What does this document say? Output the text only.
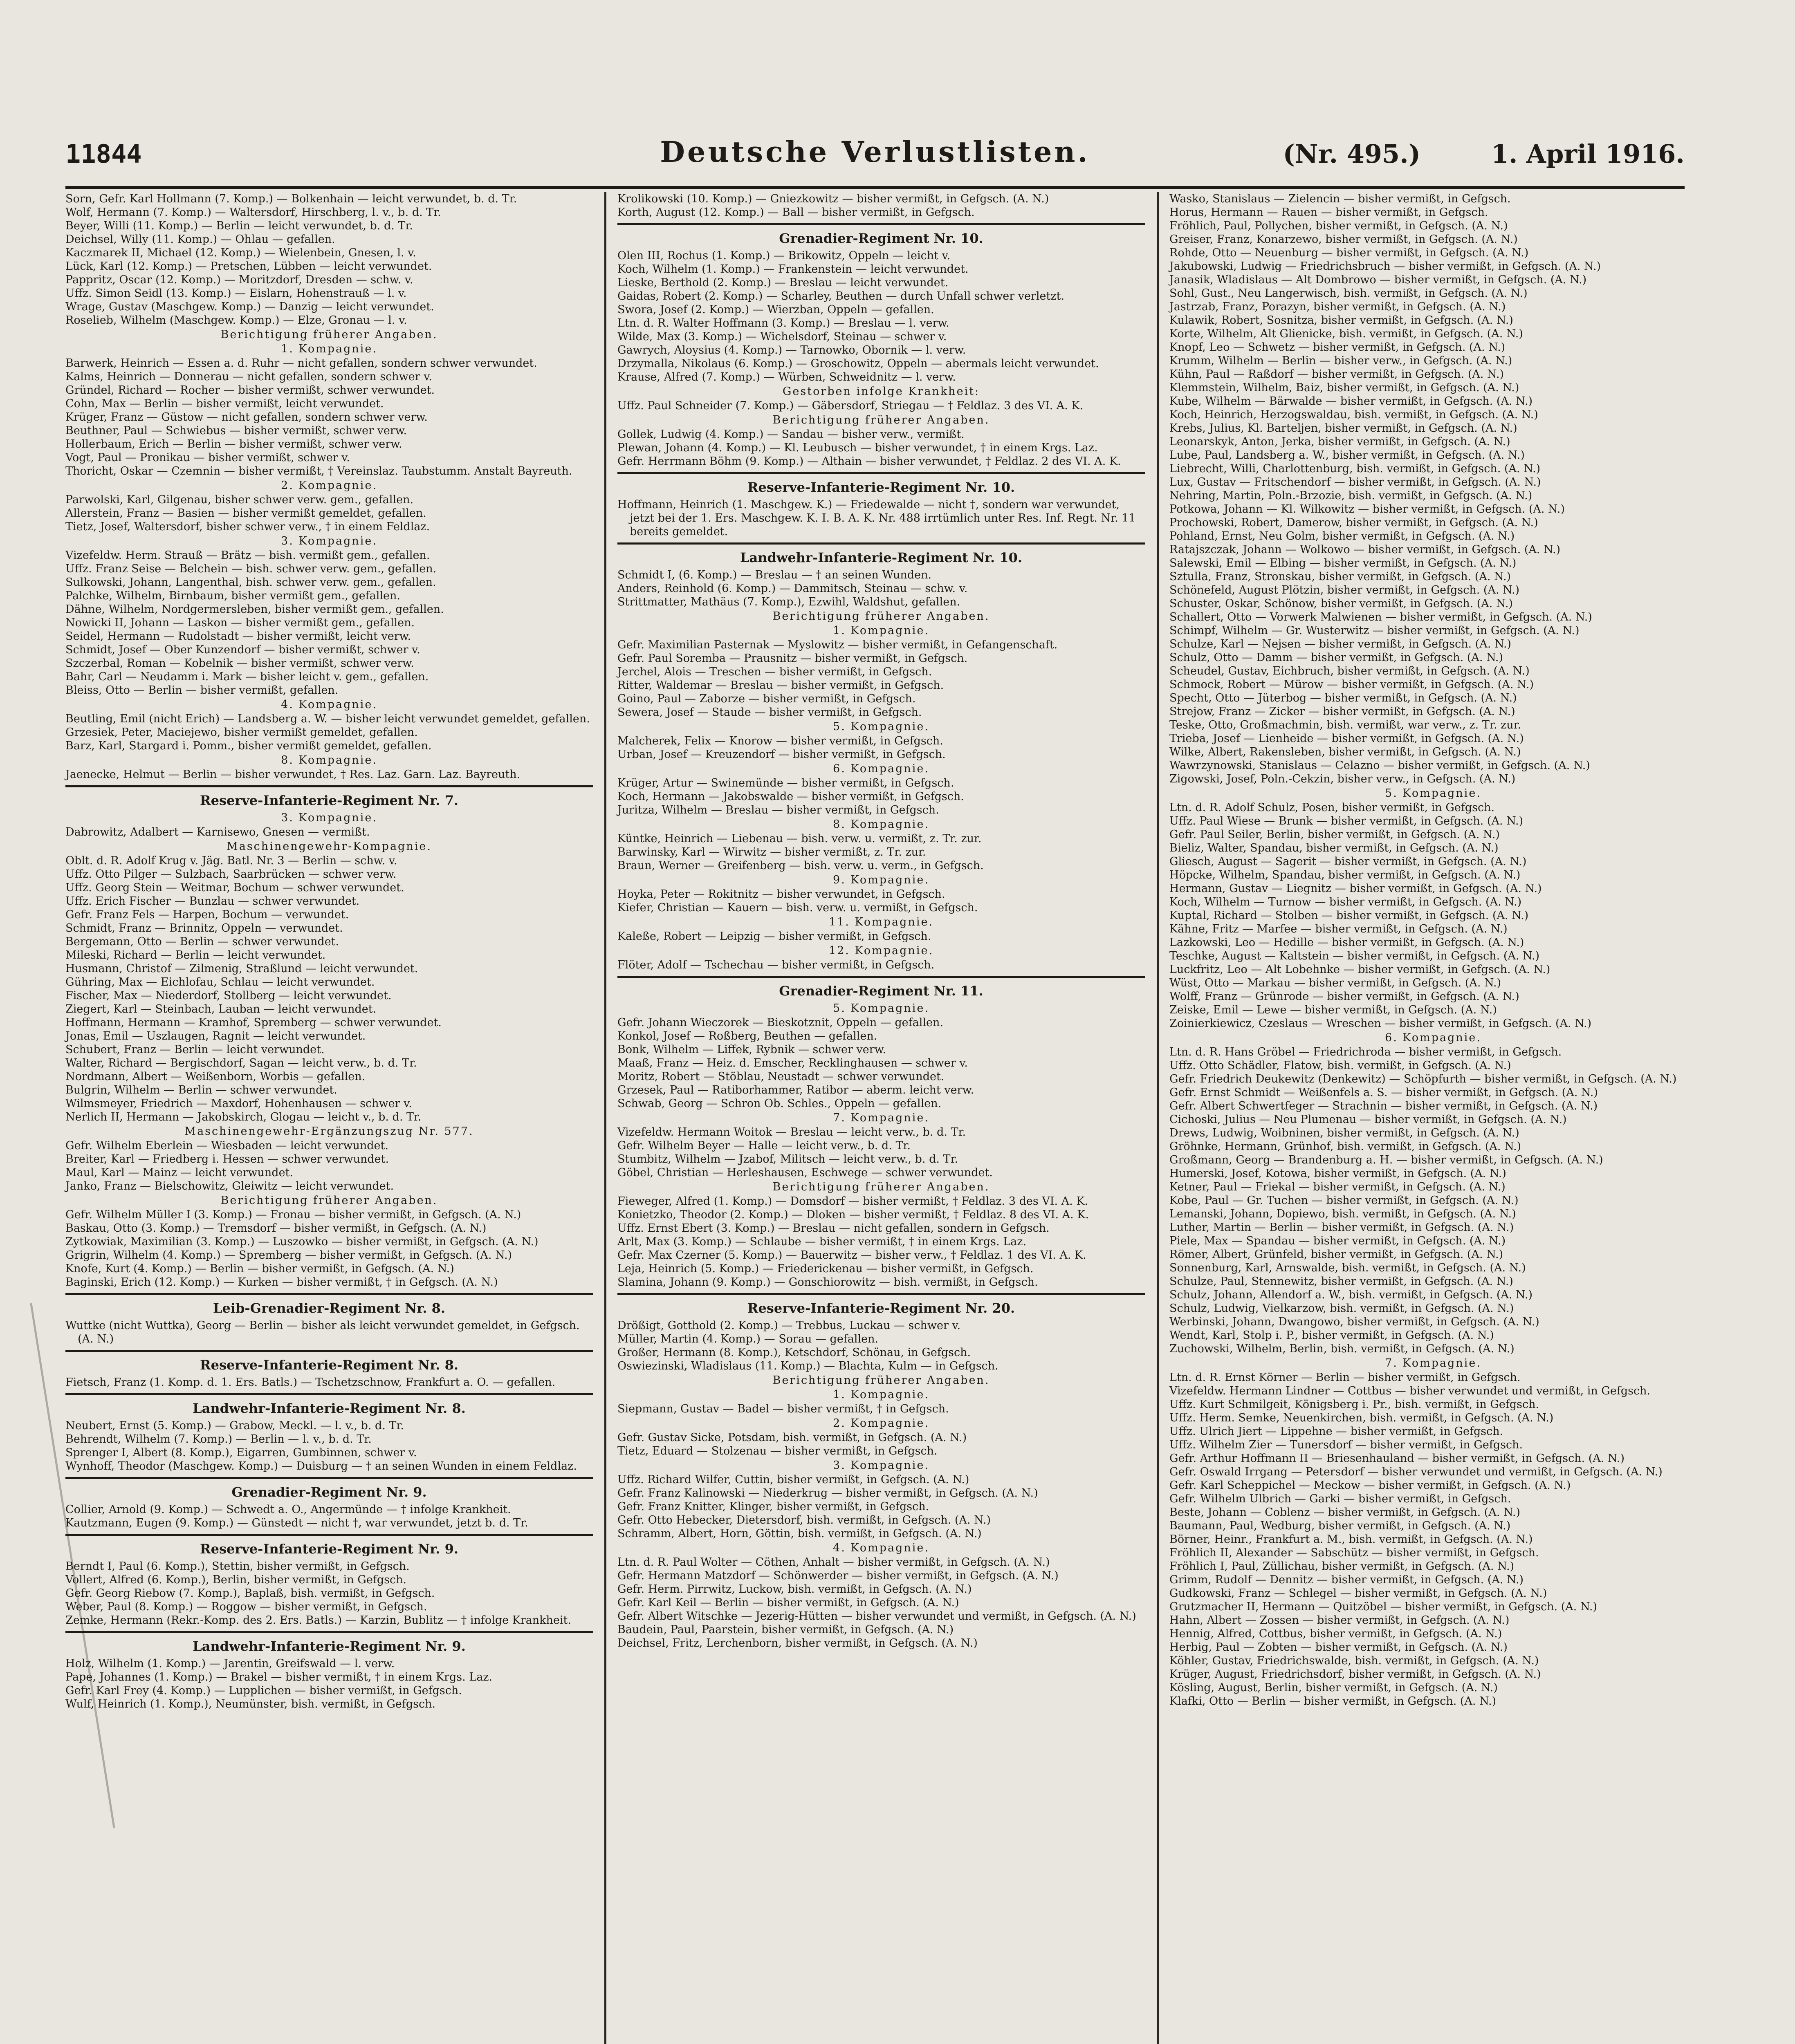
11844	Deutsche Verlustlisten.	(Nr. 495.)	1. April 1916.
Sorn, Gefr. Karl Hollmann (7. Komp.) — Bolkenhain — leicht verwundet, b. d. Tr.
Wolf, Hermann (7. Komp.) — Waltersdorf, Hirschberg, l. v., b. d. Tr.
Beyer, Willi (11. Komp.) — Berlin — leicht verwundet, b. d. Tr.
Deichsel, Willy (11. Komp.) — Ohlau — gefallen.
Kaczmarek II, Michael (12. Komp.) — Wielenbein, Gnesen, l. v.
Lück, Karl (12. Komp.) — Pretschen, Lübben — leicht verwundet.
Pappritz, Oscar (12. Komp.) — Moritzdorf, Dresden — schw. v.
Uffz. Simon Seidl (13. Komp.) — Eislarn, Hohenstrauß — l. v.
Wrage, Gustav (Maschgew. Komp.) — Danzig — leicht verwundet.
Roselieb, Wilhelm (Maschgew. Komp.) — Elze, Gronau — l. v.
Berichtigung früherer Angaben.
1. Kompagnie.
Barwerk, Heinrich — Essen a. d. Ruhr — nicht gefallen, sondern schwer verwundet.
Kalms, Heinrich — Donnerau — nicht gefallen, sondern schwer v.
Gründel, Richard — Rocher — bisher vermißt, schwer verwundet.
Cohn, Max — Berlin — bisher vermißt, leicht verwundet.
Krüger, Franz — Güstow — nicht gefallen, sondern schwer verw.
Beuthner, Paul — Schwiebus — bisher vermißt, schwer verw.
Hollerbaum, Erich — Berlin — bisher vermißt, schwer verw.
Vogt, Paul — Pronikau — bisher vermißt, schwer v.
Thoricht, Oskar — Czemnin — bisher vermißt, † Vereinslaz. Taubstumm. Anstalt Bayreuth.
2. Kompagnie.
Parwolski, Karl, Gilgenau, bisher schwer verw. gem., gefallen.
Allerstein, Franz — Basien — bisher vermißt gemeldet, gefallen.
Tietz, Josef, Waltersdorf, bisher schwer verw., † in einem Feldlaz.
3. Kompagnie.
Vizefeldw. Herm. Strauß — Brätz — bish. vermißt gem., gefallen.
Uffz. Franz Seise — Belchein — bish. schwer verw. gem., gefallen.
Sulkowski, Johann, Langenthal, bish. schwer verw. gem., gefallen.
Palchke, Wilhelm, Birnbaum, bisher vermißt gem., gefallen.
Dähne, Wilhelm, Nordgermersleben, bisher vermißt gem., gefallen.
Nowicki II, Johann — Laskon — bisher vermißt gem., gefallen.
Seidel, Hermann — Rudolstadt — bisher vermißt, leicht verw.
Schmidt, Josef — Ober Kunzendorf — bisher vermißt, schwer v.
Szczerbal, Roman — Kobelnik — bisher vermißt, schwer verw.
Bahr, Carl — Neudamm i. Mark — bisher leicht v. gem., gefallen.
Bleiss, Otto — Berlin — bisher vermißt, gefallen.
4. Kompagnie.
Beutling, Emil (nicht Erich) — Landsberg a. W. — bisher leicht verwundet gemeldet, gefallen.
Grzesiek, Peter, Maciejewo, bisher vermißt gemeldet, gefallen.
Barz, Karl, Stargard i. Pomm., bisher vermißt gemeldet, gefallen.
8. Kompagnie.
Jaenecke, Helmut — Berlin — bisher verwundet, † Res. Laz. Garn. Laz. Bayreuth.
Reserve-Infanterie-Regiment Nr. 7.
3. Kompagnie.
Dabrowitz, Adalbert — Karnisewo, Gnesen — vermißt.
Maschinengewehr-Kompagnie.
Oblt. d. R. Adolf Krug v. Jäg. Batl. Nr. 3 — Berlin — schw. v.
Uffz. Otto Pilger — Sulzbach, Saarbrücken — schwer verw.
Uffz. Georg Stein — Weitmar, Bochum — schwer verwundet.
Uffz. Erich Fischer — Bunzlau — schwer verwundet.
Gefr. Franz Fels — Harpen, Bochum — verwundet.
Schmidt, Franz — Brinnitz, Oppeln — verwundet.
Bergemann, Otto — Berlin — schwer verwundet.
Mileski, Richard — Berlin — leicht verwundet.
Husmann, Christof — Zilmenig, Straßlund — leicht verwundet.
Gühring, Max — Eichlofau, Schlau — leicht verwundet.
Fischer, Max — Niederdorf, Stollberg — leicht verwundet.
Ziegert, Karl — Steinbach, Lauban — leicht verwundet.
Hoffmann, Hermann — Kramhof, Spremberg — schwer verwundet.
Jonas, Emil — Uszlaugen, Ragnit — leicht verwundet.
Schubert, Franz — Berlin — leicht verwundet.
Walter, Richard — Bergischdorf, Sagan — leicht verw., b. d. Tr.
Nordmann, Albert — Weißenborn, Worbis — gefallen.
Bulgrin, Wilhelm — Berlin — schwer verwundet.
Wilmsmeyer, Friedrich — Maxdorf, Hohenhausen — schwer v.
Nerlich II, Hermann — Jakobskirch, Glogau — leicht v., b. d. Tr.
Maschinengewehr-Ergänzungszug Nr. 577.
Gefr. Wilhelm Eberlein — Wiesbaden — leicht verwundet.
Breiter, Karl — Friedberg i. Hessen — schwer verwundet.
Maul, Karl — Mainz — leicht verwundet.
Janko, Franz — Bielschowitz, Gleiwitz — leicht verwundet.
Berichtigung früherer Angaben.
Gefr. Wilhelm Müller I (3. Komp.) — Fronau — bisher vermißt, in Gefgsch. (A. N.)
Baskau, Otto (3. Komp.) — Tremsdorf — bisher vermißt, in Gefgsch. (A. N.)
Zytkowiak, Maximilian (3. Komp.) — Luszowko — bisher vermißt, in Gefgsch. (A. N.)
Grigrin, Wilhelm (4. Komp.) — Spremberg — bisher vermißt, in Gefgsch. (A. N.)
Knofe, Kurt (4. Komp.) — Berlin — bisher vermißt, in Gefgsch. (A. N.)
Baginski, Erich (12. Komp.) — Kurken — bisher vermißt, † in Gefgsch. (A. N.)
Leib-Grenadier-Regiment Nr. 8.
Wuttke (nicht Wuttka), Georg — Berlin — bisher als leicht verwundet gemeldet, in Gefgsch. (A. N.)
Reserve-Infanterie-Regiment Nr. 8.
Fietsch, Franz (1. Komp. d. 1. Ers. Batls.) — Tschetzschnow, Frankfurt a. O. — gefallen.
Landwehr-Infanterie-Regiment Nr. 8.
Neubert, Ernst (5. Komp.) — Grabow, Meckl. — l. v., b. d. Tr.
Behrendt, Wilhelm (7. Komp.) — Berlin — l. v., b. d. Tr.
Sprenger I, Albert (8. Komp.), Eigarren, Gumbinnen, schwer v.
Wynhoff, Theodor (Maschgew. Komp.) — Duisburg — † an seinen Wunden in einem Feldlaz.
Grenadier-Regiment Nr. 9.
Collier, Arnold (9. Komp.) — Schwedt a. O., Angermünde — † infolge Krankheit.
Kautzmann, Eugen (9. Komp.) — Günstedt — nicht †, war verwundet, jetzt b. d. Tr.
Reserve-Infanterie-Regiment Nr. 9.
Berndt I, Paul (6. Komp.), Stettin, bisher vermißt, in Gefgsch.
Vollert, Alfred (6. Komp.), Berlin, bisher vermißt, in Gefgsch.
Gefr. Georg Riebow (7. Komp.), Baplaß, bish. vermißt, in Gefgsch.
Weber, Paul (8. Komp.) — Roggow — bisher vermißt, in Gefgsch.
Zemke, Hermann (Rekr.-Komp. des 2. Ers. Batls.) — Karzin, Bublitz — † infolge Krankheit.
Landwehr-Infanterie-Regiment Nr. 9.
Holz, Wilhelm (1. Komp.) — Jarentin, Greifswald — l. verw.
Pape, Johannes (1. Komp.) — Brakel — bisher vermißt, † in einem Krgs. Laz.
Gefr. Karl Frey (4. Komp.) — Lupplichen — bisher vermißt, in Gefgsch.
Wulf, Heinrich (1. Komp.), Neumünster, bish. vermißt, in Gefgsch.
Krolikowski (10. Komp.) — Gniezkowitz — bisher vermißt, in Gefgsch. (A. N.)
Korth, August (12. Komp.) — Ball — bisher vermißt, in Gefgsch.
Grenadier-Regiment Nr. 10.
Olen III, Rochus (1. Komp.) — Brikowitz, Oppeln — leicht v.
Koch, Wilhelm (1. Komp.) — Frankenstein — leicht verwundet.
Lieske, Berthold (2. Komp.) — Breslau — leicht verwundet.
Gaidas, Robert (2. Komp.) — Scharley, Beuthen — durch Unfall schwer verletzt.
Swora, Josef (2. Komp.) — Wierzban, Oppeln — gefallen.
Ltn. d. R. Walter Hoffmann (3. Komp.) — Breslau — l. verw.
Wilde, Max (3. Komp.) — Wichelsdorf, Steinau — schwer v.
Gawrych, Aloysius (4. Komp.) — Tarnowko, Obornik — l. verw.
Drzymalla, Nikolaus (6. Komp.) — Groschowitz, Oppeln — abermals leicht verwundet.
Krause, Alfred (7. Komp.) — Würben, Schweidnitz — l. verw.
Gestorben infolge Krankheit:
Uffz. Paul Schneider (7. Komp.) — Gäbersdorf, Striegau — † Feldlaz. 3 des VI. A. K.
Berichtigung früherer Angaben.
Gollek, Ludwig (4. Komp.) — Sandau — bisher verw., vermißt.
Plewan, Johann (4. Komp.) — Kl. Leubusch — bisher verwundet, † in einem Krgs. Laz.
Gefr. Herrmann Böhm (9. Komp.) — Althain — bisher verwundet, † Feldlaz. 2 des VI. A. K.
Reserve-Infanterie-Regiment Nr. 10.
Hoffmann, Heinrich (1. Maschgew. K.) — Friedewalde — nicht †, sondern war verwundet, jetzt bei der 1. Ers. Maschgew. K. I. B. A. K. Nr. 488 irrtümlich unter Res. Inf. Regt. Nr. 11 bereits gemeldet.
Landwehr-Infanterie-Regiment Nr. 10.
Schmidt I, (6. Komp.) — Breslau — † an seinen Wunden.
Anders, Reinhold (6. Komp.) — Dammitsch, Steinau — schw. v.
Strittmatter, Mathäus (7. Komp.), Ezwihl, Waldshut, gefallen.
Berichtigung früherer Angaben.
1. Kompagnie.
Gefr. Maximilian Pasternak — Myslowitz — bisher vermißt, in Gefangenschaft.
Gefr. Paul Soremba — Prausnitz — bisher vermißt, in Gefgsch.
Jerchel, Alois — Treschen — bisher vermißt, in Gefgsch.
Ritter, Waldemar — Breslau — bisher vermißt, in Gefgsch.
Goino, Paul — Zaborze — bisher vermißt, in Gefgsch.
Sewera, Josef — Staude — bisher vermißt, in Gefgsch.
5. Kompagnie.
Malcherek, Felix — Knorow — bisher vermißt, in Gefgsch.
Urban, Josef — Kreuzendorf — bisher vermißt, in Gefgsch.
6. Kompagnie.
Krüger, Artur — Swinemünde — bisher vermißt, in Gefgsch.
Koch, Hermann — Jakobswalde — bisher vermißt, in Gefgsch.
Juritza, Wilhelm — Breslau — bisher vermißt, in Gefgsch.
8. Kompagnie.
Küntke, Heinrich — Liebenau — bish. verw. u. vermißt, z. Tr. zur.
Barwinsky, Karl — Wirwitz — bisher vermißt, z. Tr. zur.
Braun, Werner — Greifenberg — bish. verw. u. verm., in Gefgsch.
9. Kompagnie.
Hoyka, Peter — Rokitnitz — bisher verwundet, in Gefgsch.
Kiefer, Christian — Kauern — bish. verw. u. vermißt, in Gefgsch.
11. Kompagnie.
Kaleße, Robert — Leipzig — bisher vermißt, in Gefgsch.
12. Kompagnie.
Flöter, Adolf — Tschechau — bisher vermißt, in Gefgsch.
Grenadier-Regiment Nr. 11.
5. Kompagnie.
Gefr. Johann Wieczorek — Bieskotznit, Oppeln — gefallen.
Konkol, Josef — Roßberg, Beuthen — gefallen.
Bonk, Wilhelm — Liffek, Rybnik — schwer verw.
Maaß, Franz — Heiz. d. Emscher, Recklinghausen — schwer v.
Moritz, Robert — Stöblau, Neustadt — schwer verwundet.
Grzesek, Paul — Ratiborhammer, Ratibor — aberm. leicht verw.
Schwab, Georg — Schron Ob. Schles., Oppeln — gefallen.
7. Kompagnie.
Vizefeldw. Hermann Woitok — Breslau — leicht verw., b. d. Tr.
Gefr. Wilhelm Beyer — Halle — leicht verw., b. d. Tr.
Stumbitz, Wilhelm — Jzabof, Militsch — leicht verw., b. d. Tr.
Göbel, Christian — Herleshausen, Eschwege — schwer verwundet.
Berichtigung früherer Angaben.
Fieweger, Alfred (1. Komp.) — Domsdorf — bisher vermißt, † Feldlaz. 3 des VI. A. K.
Konietzko, Theodor (2. Komp.) — Dloken — bisher vermißt, † Feldlaz. 8 des VI. A. K.
Uffz. Ernst Ebert (3. Komp.) — Breslau — nicht gefallen, sondern in Gefgsch.
Arlt, Max (3. Komp.) — Schlaube — bisher vermißt, † in einem Krgs. Laz.
Gefr. Max Czerner (5. Komp.) — Bauerwitz — bisher verw., † Feldlaz. 1 des VI. A. K.
Leja, Heinrich (5. Komp.) — Friederickenau — bisher vermißt, in Gefgsch.
Slamina, Johann (9. Komp.) — Gonschiorowitz — bish. vermißt, in Gefgsch.
Reserve-Infanterie-Regiment Nr. 20.
Drößigt, Gotthold (2. Komp.) — Trebbus, Luckau — schwer v.
Müller, Martin (4. Komp.) — Sorau — gefallen.
Großer, Hermann (8. Komp.), Ketschdorf, Schönau, in Gefgsch.
Oswiezinski, Wladislaus (11. Komp.) — Blachta, Kulm — in Gefgsch.
Berichtigung früherer Angaben.
1. Kompagnie.
Siepmann, Gustav — Badel — bisher vermißt, † in Gefgsch.
2. Kompagnie.
Gefr. Gustav Sicke, Potsdam, bish. vermißt, in Gefgsch. (A. N.)
Tietz, Eduard — Stolzenau — bisher vermißt, in Gefgsch.
3. Kompagnie.
Uffz. Richard Wilfer, Cuttin, bisher vermißt, in Gefgsch. (A. N.)
Gefr. Franz Kalinowski — Niederkrug — bisher vermißt, in Gefgsch. (A. N.)
Gefr. Franz Knitter, Klinger, bisher vermißt, in Gefgsch.
Gefr. Otto Hebecker, Dietersdorf, bish. vermißt, in Gefgsch. (A. N.)
Schramm, Albert, Horn, Göttin, bish. vermißt, in Gefgsch. (A. N.)
4. Kompagnie.
Ltn. d. R. Paul Wolter — Cöthen, Anhalt — bisher vermißt, in Gefgsch. (A. N.)
Gefr. Hermann Matzdorf — Schönwerder — bisher vermißt, in Gefgsch. (A. N.)
Gefr. Herm. Pirrwitz, Luckow, bish. vermißt, in Gefgsch. (A. N.)
Gefr. Karl Keil — Berlin — bisher vermißt, in Gefgsch. (A. N.)
Gefr. Albert Witschke — Jezerig-Hütten — bisher verwundet und vermißt, in Gefgsch. (A. N.)
Baudein, Paul, Paarstein, bisher vermißt, in Gefgsch. (A. N.)
Deichsel, Fritz, Lerchenborn, bisher vermißt, in Gefgsch. (A. N.)
Wasko, Stanislaus — Zielencin — bisher vermißt, in Gefgsch.
Horus, Hermann — Rauen — bisher vermißt, in Gefgsch.
Fröhlich, Paul, Pollychen, bisher vermißt, in Gefgsch. (A. N.)
Greiser, Franz, Konarzewo, bisher vermißt, in Gefgsch. (A. N.)
Rohde, Otto — Neuenburg — bisher vermißt, in Gefgsch. (A. N.)
Jakubowski, Ludwig — Friedrichsbruch — bisher vermißt, in Gefgsch. (A. N.)
Janasik, Wladislaus — Alt Dombrowo — bisher vermißt, in Gefgsch. (A. N.)
Sohl, Gust., Neu Langerwisch, bish. vermißt, in Gefgsch. (A. N.)
Jastrzab, Franz, Porazyn, bisher vermißt, in Gefgsch. (A. N.)
Kulawik, Robert, Sosnitza, bisher vermißt, in Gefgsch. (A. N.)
Korte, Wilhelm, Alt Glienicke, bish. vermißt, in Gefgsch. (A. N.)
Knopf, Leo — Schwetz — bisher vermißt, in Gefgsch. (A. N.)
Krumm, Wilhelm — Berlin — bisher verw., in Gefgsch. (A. N.)
Kühn, Paul — Raßdorf — bisher vermißt, in Gefgsch. (A. N.)
Klemmstein, Wilhelm, Baiz, bisher vermißt, in Gefgsch. (A. N.)
Kube, Wilhelm — Bärwalde — bisher vermißt, in Gefgsch. (A. N.)
Koch, Heinrich, Herzogswaldau, bish. vermißt, in Gefgsch. (A. N.)
Krebs, Julius, Kl. Barteljen, bisher vermißt, in Gefgsch. (A. N.)
Leonarskyk, Anton, Jerka, bisher vermißt, in Gefgsch. (A. N.)
Lube, Paul, Landsberg a. W., bisher vermißt, in Gefgsch. (A. N.)
Liebrecht, Willi, Charlottenburg, bish. vermißt, in Gefgsch. (A. N.)
Lux, Gustav — Fritschendorf — bisher vermißt, in Gefgsch. (A. N.)
Nehring, Martin, Poln.-Brzozie, bish. vermißt, in Gefgsch. (A. N.)
Potkowa, Johann — Kl. Wilkowitz — bisher vermißt, in Gefgsch. (A. N.)
Prochowski, Robert, Damerow, bisher vermißt, in Gefgsch. (A. N.)
Pohland, Ernst, Neu Golm, bisher vermißt, in Gefgsch. (A. N.)
Ratajszczak, Johann — Wolkowo — bisher vermißt, in Gefgsch. (A. N.)
Salewski, Emil — Elbing — bisher vermißt, in Gefgsch. (A. N.)
Sztulla, Franz, Stronskau, bisher vermißt, in Gefgsch. (A. N.)
Schönefeld, August Plötzin, bisher vermißt, in Gefgsch. (A. N.)
Schuster, Oskar, Schönow, bisher vermißt, in Gefgsch. (A. N.)
Schallert, Otto — Vorwerk Malwienen — bisher vermißt, in Gefgsch. (A. N.)
Schimpf, Wilhelm — Gr. Wusterwitz — bisher vermißt, in Gefgsch. (A. N.)
Schulze, Karl — Nejsen — bisher vermißt, in Gefgsch. (A. N.)
Schulz, Otto — Damm — bisher vermißt, in Gefgsch. (A. N.)
Scheudel, Gustav, Eichbruch, bisher vermißt, in Gefgsch. (A. N.)
Schmock, Robert — Mürow — bisher vermißt, in Gefgsch. (A. N.)
Specht, Otto — Jüterbog — bisher vermißt, in Gefgsch. (A. N.)
Strejow, Franz — Zicker — bisher vermißt, in Gefgsch. (A. N.)
Teske, Otto, Großmachmin, bish. vermißt, war verw., z. Tr. zur.
Trieba, Josef — Lienheide — bisher vermißt, in Gefgsch. (A. N.)
Wilke, Albert, Rakensleben, bisher vermißt, in Gefgsch. (A. N.)
Wawrzynowski, Stanislaus — Celazno — bisher vermißt, in Gefgsch. (A. N.)
Zigowski, Josef, Poln.-Cekzin, bisher verw., in Gefgsch. (A. N.)
5. Kompagnie.
Ltn. d. R. Adolf Schulz, Posen, bisher vermißt, in Gefgsch.
Uffz. Paul Wiese — Brunk — bisher vermißt, in Gefgsch. (A. N.)
Gefr. Paul Seiler, Berlin, bisher vermißt, in Gefgsch. (A. N.)
Bieliz, Walter, Spandau, bisher vermißt, in Gefgsch. (A. N.)
Gliesch, August — Sagerit — bisher vermißt, in Gefgsch. (A. N.)
Höpcke, Wilhelm, Spandau, bisher vermißt, in Gefgsch. (A. N.)
Hermann, Gustav — Liegnitz — bisher vermißt, in Gefgsch. (A. N.)
Koch, Wilhelm — Turnow — bisher vermißt, in Gefgsch. (A. N.)
Kuptal, Richard — Stolben — bisher vermißt, in Gefgsch. (A. N.)
Kähne, Fritz — Marfee — bisher vermißt, in Gefgsch. (A. N.)
Lazkowski, Leo — Hedille — bisher vermißt, in Gefgsch. (A. N.)
Teschke, August — Kaltstein — bisher vermißt, in Gefgsch. (A. N.)
Luckfritz, Leo — Alt Lobehnke — bisher vermißt, in Gefgsch. (A. N.)
Wüst, Otto — Markau — bisher vermißt, in Gefgsch. (A. N.)
Wolff, Franz — Grünrode — bisher vermißt, in Gefgsch. (A. N.)
Zeiske, Emil — Lewe — bisher vermißt, in Gefgsch. (A. N.)
Zoinierkiewicz, Czeslaus — Wreschen — bisher vermißt, in Gefgsch. (A. N.)
6. Kompagnie.
Ltn. d. R. Hans Gröbel — Friedrichroda — bisher vermißt, in Gefgsch.
Uffz. Otto Schädler, Flatow, bish. vermißt, in Gefgsch. (A. N.)
Gefr. Friedrich Deukewitz (Denkewitz) — Schöpfurth — bisher vermißt, in Gefgsch. (A. N.)
Gefr. Ernst Schmidt — Weißenfels a. S. — bisher vermißt, in Gefgsch. (A. N.)
Gefr. Albert Schwertfeger — Strachnin — bisher vermißt, in Gefgsch. (A. N.)
Cichoski, Julius — Neu Plumenau — bisher vermißt, in Gefgsch. (A. N.)
Drews, Ludwig, Woibninen, bisher vermißt, in Gefgsch. (A. N.)
Gröhnke, Hermann, Grünhof, bish. vermißt, in Gefgsch. (A. N.)
Großmann, Georg — Brandenburg a. H. — bisher vermißt, in Gefgsch. (A. N.)
Humerski, Josef, Kotowa, bisher vermißt, in Gefgsch. (A. N.)
Ketner, Paul — Friekal — bisher vermißt, in Gefgsch. (A. N.)
Kobe, Paul — Gr. Tuchen — bisher vermißt, in Gefgsch. (A. N.)
Lemanski, Johann, Dopiewo, bish. vermißt, in Gefgsch. (A. N.)
Luther, Martin — Berlin — bisher vermißt, in Gefgsch. (A. N.)
Piele, Max — Spandau — bisher vermißt, in Gefgsch. (A. N.)
Römer, Albert, Grünfeld, bisher vermißt, in Gefgsch. (A. N.)
Sonnenburg, Karl, Arnswalde, bish. vermißt, in Gefgsch. (A. N.)
Schulze, Paul, Stennewitz, bisher vermißt, in Gefgsch. (A. N.)
Schulz, Johann, Allendorf a. W., bish. vermißt, in Gefgsch. (A. N.)
Schulz, Ludwig, Vielkarzow, bish. vermißt, in Gefgsch. (A. N.)
Werbinski, Johann, Dwangowo, bisher vermißt, in Gefgsch. (A. N.)
Wendt, Karl, Stolp i. P., bisher vermißt, in Gefgsch. (A. N.)
Zuchowski, Wilhelm, Berlin, bish. vermißt, in Gefgsch. (A. N.)
7. Kompagnie.
Ltn. d. R. Ernst Körner — Berlin — bisher vermißt, in Gefgsch.
Vizefeldw. Hermann Lindner — Cottbus — bisher verwundet und vermißt, in Gefgsch.
Uffz. Kurt Schmilgeit, Königsberg i. Pr., bish. vermißt, in Gefgsch.
Uffz. Herm. Semke, Neuenkirchen, bish. vermißt, in Gefgsch. (A. N.)
Uffz. Ulrich Jiert — Lippehne — bisher vermißt, in Gefgsch.
Uffz. Wilhelm Zier — Tunersdorf — bisher vermißt, in Gefgsch.
Gefr. Arthur Hoffmann II — Briesenhauland — bisher vermißt, in Gefgsch. (A. N.)
Gefr. Oswald Irrgang — Petersdorf — bisher verwundet und vermißt, in Gefgsch. (A. N.)
Gefr. Karl Scheppichel — Meckow — bisher vermißt, in Gefgsch. (A. N.)
Gefr. Wilhelm Ulbrich — Garki — bisher vermißt, in Gefgsch.
Beste, Johann — Coblenz — bisher vermißt, in Gefgsch. (A. N.)
Baumann, Paul, Wedburg, bisher vermißt, in Gefgsch. (A. N.)
Börner, Heinr., Frankfurt a. M., bish. vermißt, in Gefgsch. (A. N.)
Fröhlich II, Alexander — Sabschütz — bisher vermißt, in Gefgsch.
Fröhlich I, Paul, Züllichau, bisher vermißt, in Gefgsch. (A. N.)
Grimm, Rudolf — Dennitz — bisher vermißt, in Gefgsch. (A. N.)
Gudkowski, Franz — Schlegel — bisher vermißt, in Gefgsch. (A. N.)
Grutzmacher II, Hermann — Quitzöbel — bisher vermißt, in Gefgsch. (A. N.)
Hahn, Albert — Zossen — bisher vermißt, in Gefgsch. (A. N.)
Hennig, Alfred, Cottbus, bisher vermißt, in Gefgsch. (A. N.)
Herbig, Paul — Zobten — bisher vermißt, in Gefgsch. (A. N.)
Köhler, Gustav, Friedrichswalde, bish. vermißt, in Gefgsch. (A. N.)
Krüger, August, Friedrichsdorf, bisher vermißt, in Gefgsch. (A. N.)
Kösling, August, Berlin, bisher vermißt, in Gefgsch. (A. N.)
Klafki, Otto — Berlin — bisher vermißt, in Gefgsch. (A. N.)
